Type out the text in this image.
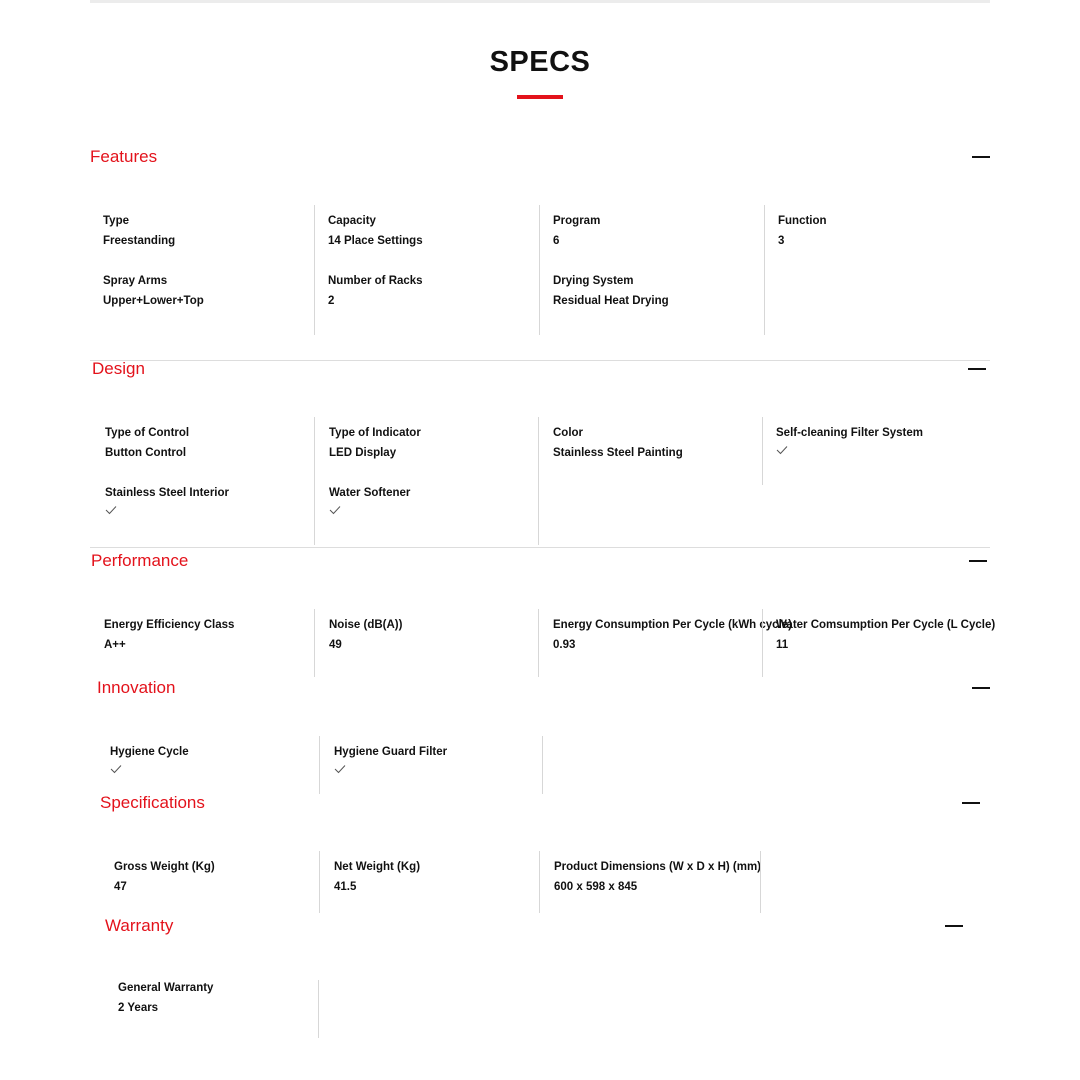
SPECS
Features
Type
Freestanding
Spray Arms
Upper+Lower+Top
Capacity
14 Place Settings
Number of Racks
2
Program
6
Drying System
Residual Heat Drying
Function
3
Design
Type of Control
Button Control
Stainless Steel Interior
Type of Indicator
LED Display
Water Softener
Color
Stainless Steel Painting
Self-cleaning Filter System
Performance
Energy Efficiency Class
A++
Noise (dB(A))
49
Energy Consumption Per Cycle (kWh cycle)
0.93
Water Comsumption Per Cycle (L Cycle)
11
Innovation
Hygiene Cycle	Hygiene Guard Filter
Specifications
Gross Weight (Kg)
47
Net Weight (Kg)
41.5
Product Dimensions (W x D x H) (mm)
600 x 598 x 845
Warranty
General Warranty
2 Years
